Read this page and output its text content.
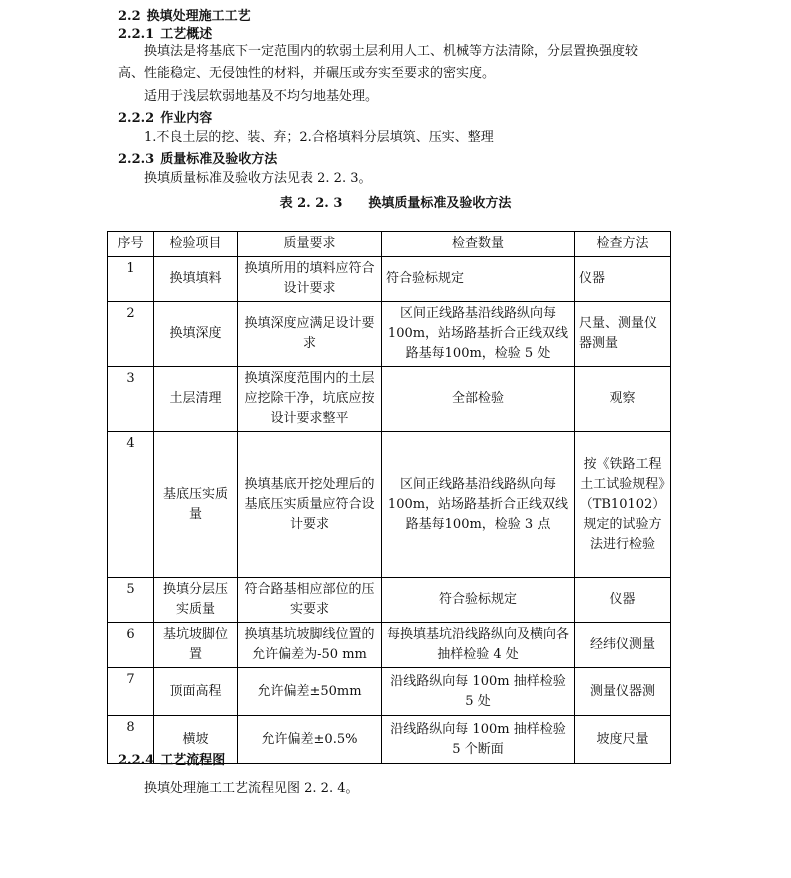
2.2 换填处理施工工艺
2.2.1 工艺概述
换填法是将基底下一定范围内的软弱土层利用人工、机械等方法清除，分层置换强度较
高、性能稳定、无侵蚀性的材料，并碾压或夯实至要求的密实度。
适用于浅层软弱地基及不均匀地基处理。
2.2.2 作业内容
1.不良土层的挖、装、弃；2.合格填料分层填筑、压实、整理
2.2.3 质量标准及验收方法
换填质量标准及验收方法见表 2. 2. 3。
表 2. 2. 3　　换填质量标准及验收方法
序号	检验项目	质量要求	检查数量	检查方法
1	换填填料	换填所用的填料应符合设计要求	符合验标规定	仪器
2	换填深度	换填深度应满足设计要求	区间正线路基沿线路纵向每100m，站场路基折合正线双线路基每100m，检验 5 处	尺量、测量仪器测量
3	土层清理	换填深度范围内的土层应挖除干净，坑底应按设计要求整平	全部检验	观察
4	基底压实质量	换填基底开挖处理后的基底压实质量应符合设计要求	区间正线路基沿线路纵向每100m，站场路基折合正线双线路基每100m，检验 3 点	按《铁路工程土工试验规程》（TB10102）规定的试验方法进行检验
5	换填分层压实质量	符合路基相应部位的压实要求	符合验标规定	仪器
6	基坑坡脚位置	换填基坑坡脚线位置的允许偏差为-50 mm	每换填基坑沿线路纵向及横向各抽样检验 4 处	经纬仪测量
7	顶面高程	允许偏差±50mm	沿线路纵向每 100m 抽样检验 5 处	测量仪器测
8	横坡	允许偏差±0.5%	沿线路纵向每 100m 抽样检验 5 个断面	坡度尺量
2.2.4 工艺流程图
换填处理施工工艺流程见图 2. 2. 4。
